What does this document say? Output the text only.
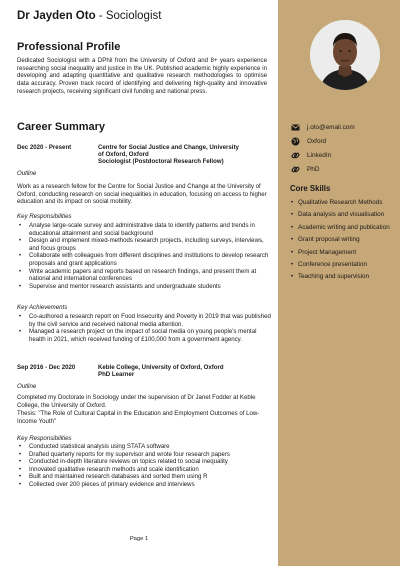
Dr Jayden Oto - Sociologist
Professional Profile
Dedicated Sociologist with a DPhil from the University of Oxford and 8+ years experience researching social inequality and justice in the UK. Published academic highly experience in developing and adapting quantitative and qualitative research methodologies to optimise data accuracy. Proven track record of identifying and delivering high-quality and innovative research projects, receiving significant civil funding and national press.
Career Summary
Dec 2020 - Present	Centre for Social Justice and Change, University
of Oxford, Oxford
Sociologist (Postdoctoral Research Fellow)
Outline
Work as a research fellow for the Centre for Social Justice and Change at the University of Oxford, conducting research on social inequalities in education, focusing on access to higher education and its impact on social mobility.
Key Responsibilities
• Analyse large-scale survey and administrative data to identify patterns and trends in educational attainment and social background
• Design and implement mixed-methods research projects, including surveys, interviews, and focus groups
• Collaborate with colleagues from different disciplines and institutions to develop research proposals and grant applications
• Write academic papers and reports based on research findings, and present them at national and international conferences
• Supervise and mentor research assistants and undergraduate students
Key Achievements
• Co-authored a research report on Food Insecurity and Poverty in 2019 that was published by the civil service and received national media attention.
• Managed a research project on the impact of social media on young people's mental health in 2021, which received funding of £100,000 from a government agency.
Sep 2016 - Dec 2020	Keble College, University of Oxford, Oxford
PhD Learner
Outline
Completed my Doctorate in Sociology under the supervision of Dr Janet Fodder at Keble College, the University of Oxford.
Thesis: "The Role of Cultural Capital in the Education and Employment Outcomes of Low-Income Youth"
Key Responsibilities
• Conducted statistical analysis using STATA software
• Drafted quarterly reports for my supervisor and wrote four research papers
• Conducted in-depth literature reviews on topics related to social inequality
• Innovated qualitative research methods and scale identification
• Built and maintained research databases and sorted them using R
• Collected over 200 pieces of primary evidence and interviews
Page 1
j.oto@email.com
Oxford
LinkedIn
PhD
Core Skills
• Qualitative Research Methods
• Data analysis and visualisation
• Academic writing and publication
• Grant proposal writing
• Project Management
• Conference presentation
• Teaching and supervision
